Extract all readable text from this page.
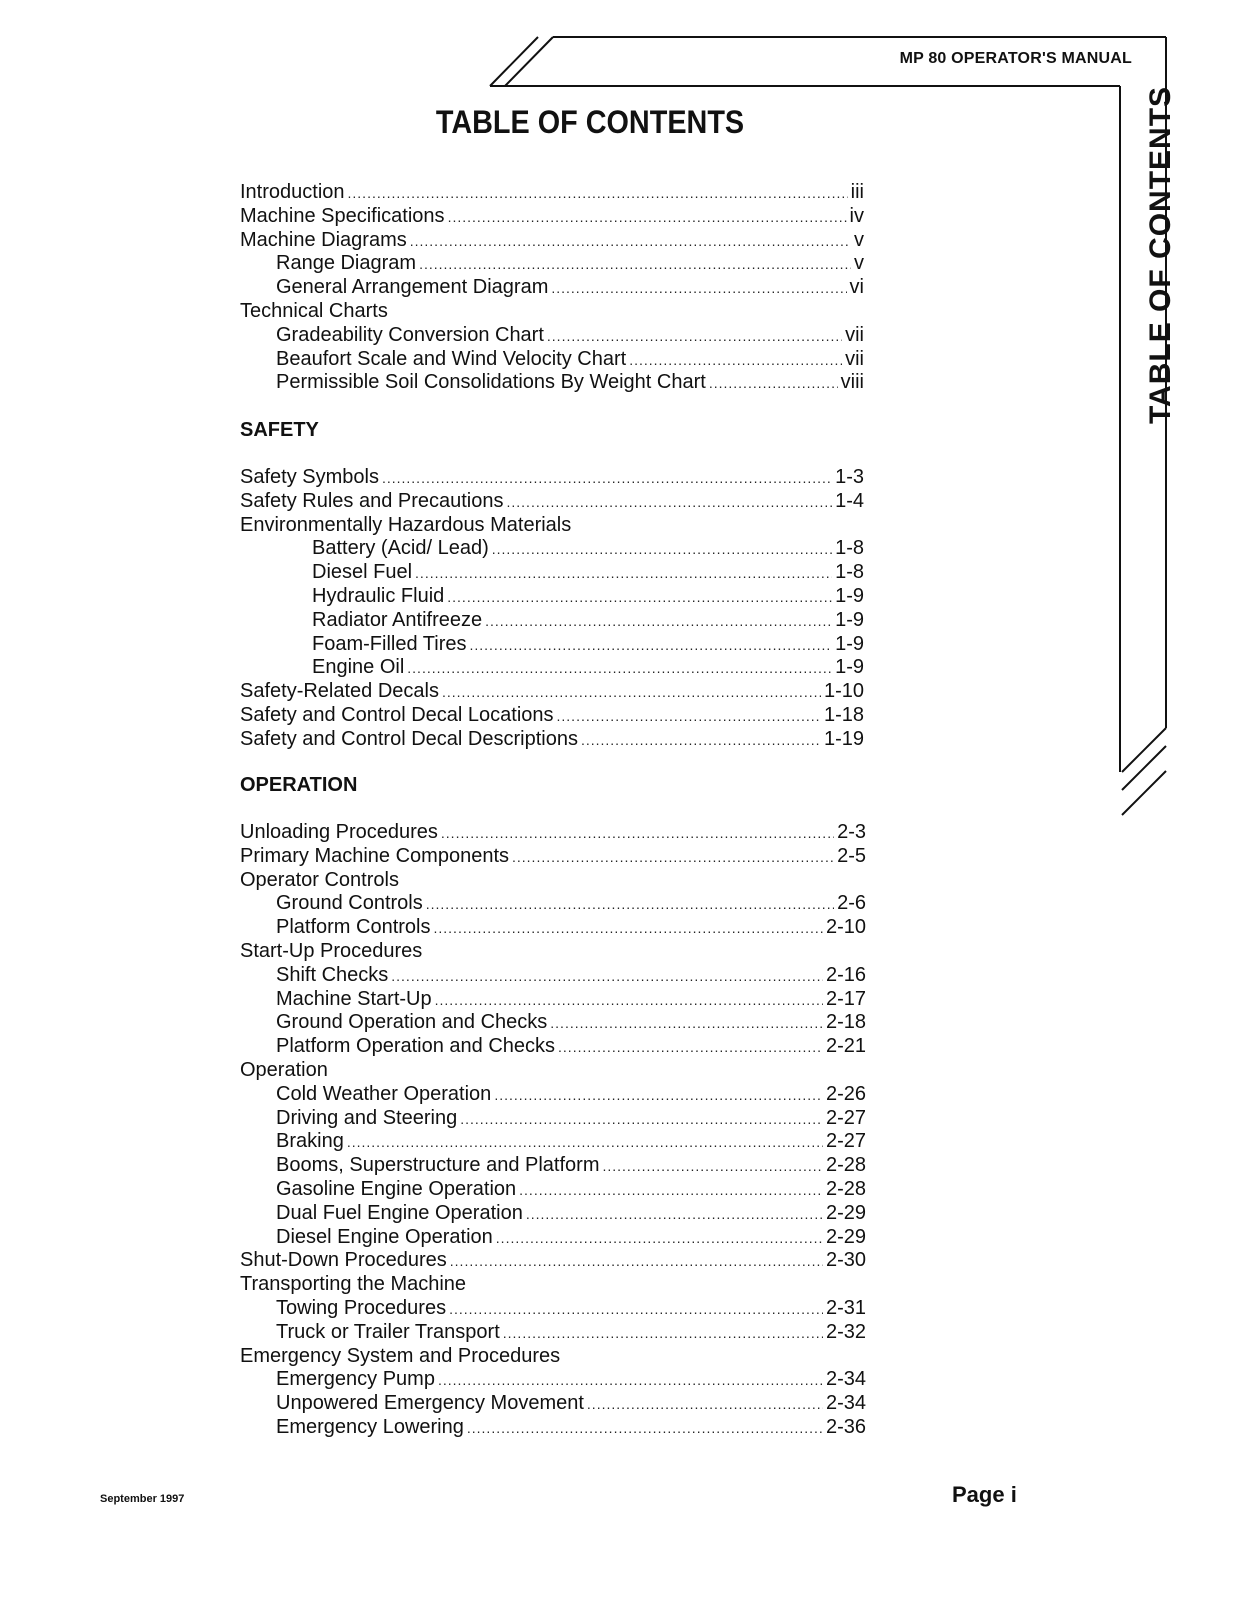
MP 80 OPERATOR'S MANUAL
TABLE OF CONTENTS
TABLE OF CONTENTS
Introduction .....	iii
Machine Specifications .....	iv
Machine Diagrams .....	v
Range Diagram .....	v
General Arrangement Diagram .....	vi
Technical Charts
Gradeability Conversion Chart .....	vii
Beaufort Scale and Wind Velocity Chart .....	vii
Permissible Soil Consolidations By Weight Chart .....	viii
SAFETY
Safety Symbols .....	1-3
Safety Rules and Precautions .....	1-4
Environmentally Hazardous Materials
Battery (Acid/ Lead) .....	1-8
Diesel Fuel .....	1-8
Hydraulic Fluid .....	1-9
Radiator Antifreeze .....	1-9
Foam-Filled Tires .....	1-9
Engine Oil .....	1-9
Safety-Related Decals .....	1-10
Safety and Control Decal Locations .....	1-18
Safety and Control Decal Descriptions .....	1-19
OPERATION
Unloading Procedures .....	2-3
Primary Machine Components .....	2-5
Operator Controls
Ground Controls .....	2-6
Platform Controls .....	2-10
Start-Up Procedures
Shift Checks .....	2-16
Machine Start-Up .....	2-17
Ground Operation and Checks .....	2-18
Platform Operation and Checks .....	2-21
Operation
Cold Weather Operation .....	2-26
Driving and Steering .....	2-27
Braking .....	2-27
Booms, Superstructure and Platform .....	2-28
Gasoline Engine Operation .....	2-28
Dual Fuel Engine Operation .....	2-29
Diesel Engine Operation .....	2-29
Shut-Down Procedures .....	2-30
Transporting the Machine
Towing Procedures .....	2-31
Truck or Trailer Transport .....	2-32
Emergency System and Procedures
Emergency Pump .....	2-34
Unpowered Emergency Movement .....	2-34
Emergency Lowering .....	2-36
September 1997	Page i
